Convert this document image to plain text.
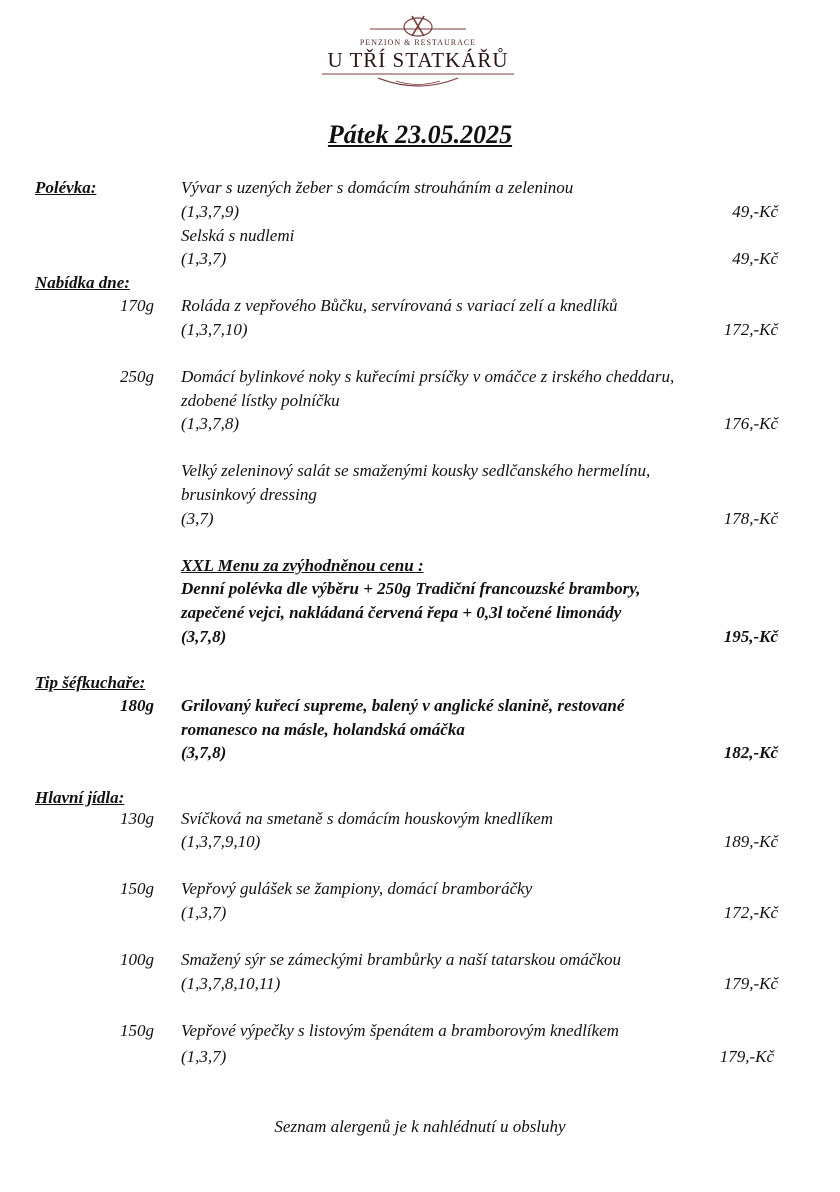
PENZION & RESTAURACE
U TŘÍ STATKÁŘŮ
Pátek 23.05.2025
Polévka:	Vývar s uzených žeber s domácím strouháním a zeleninou
(1,3,7,9)	49,-Kč
Selská s nudlemi
(1,3,7)	49,-Kč
Nabídka dne:
170g Roláda z vepřového Bůčku, servírovaná s variací zelí a knedlíků
(1,3,7,10)	172,-Kč
250g Domácí bylinkové noky s kuřecími prsíčky v omáčce z irského cheddaru,
zdobené lístky polníčku
(1,3,7,8)	176,-Kč
Velký zeleninový salát se smaženými kousky sedlčanského hermelínu,
brusinkový dressing
(3,7)	178,-Kč
XXL Menu za zvýhodněnou cenu :
Denní polévka dle výběru + 250g Tradiční francouzské brambory,
zapečené vejci, nakládaná červená řepa + 0,3l točené limonády
(3,7,8)	195,-Kč
Tip šéfkuchaře:
180g Grilovaný kuřecí supreme, balený v anglické slanině, restované
romanesco na másle, holandská omáčka
(3,7,8)	182,-Kč
Hlavní jídla:
130g Svíčková na smetaně s domácím houskovým knedlíkem
(1,3,7,9,10)	189,-Kč
150g Vepřový gulášek se žampiony, domácí bramboráčky
(1,3,7)	172,-Kč
100g Smažený sýr se zámeckými brambůrky a naší tatarskou omáčkou
(1,3,7,8,10,11)	179,-Kč
150g Vepřové výpečky s listovým špenátem a bramborovým knedlíkem
(1,3,7)	179,-Kč
Seznam alergenů je k nahlédnutí u obsluhy
